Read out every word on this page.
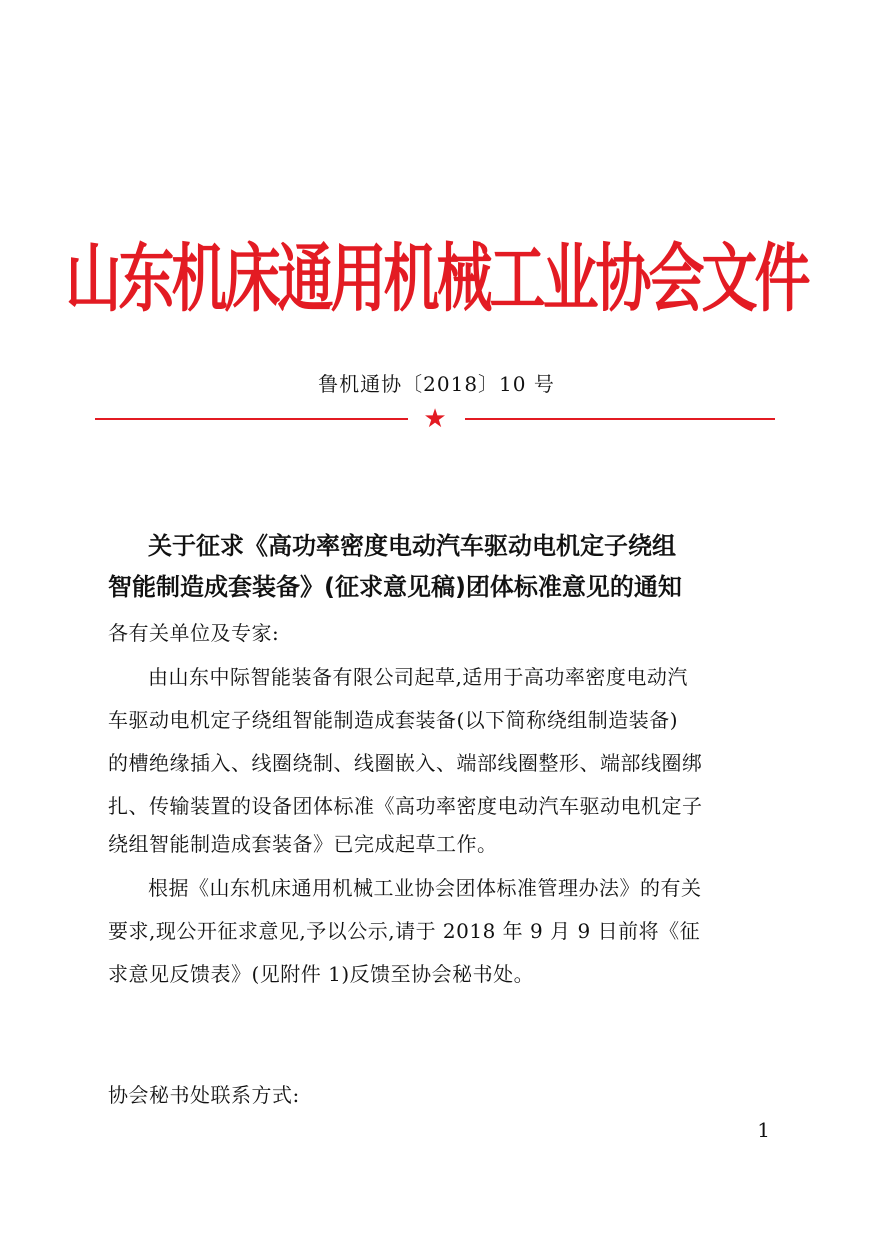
山东机床通用机械工业协会文件
鲁机通协〔2018〕10 号
★
关于征求《高功率密度电动汽车驱动电机定子绕组
智能制造成套装备》(征求意见稿)团体标准意见的通知
各有关单位及专家:
由山东中际智能装备有限公司起草,适用于高功率密度电动汽
车驱动电机定子绕组智能制造成套装备(以下简称绕组制造装备)
的槽绝缘插入、线圈绕制、线圈嵌入、端部线圈整形、端部线圈绑
扎、传输装置的设备团体标准《高功率密度电动汽车驱动电机定子
绕组智能制造成套装备》已完成起草工作。
根据《山东机床通用机械工业协会团体标准管理办法》的有关
要求,现公开征求意见,予以公示,请于 2018 年 9 月 9 日前将《征
求意见反馈表》(见附件 1)反馈至协会秘书处。
协会秘书处联系方式:
1
